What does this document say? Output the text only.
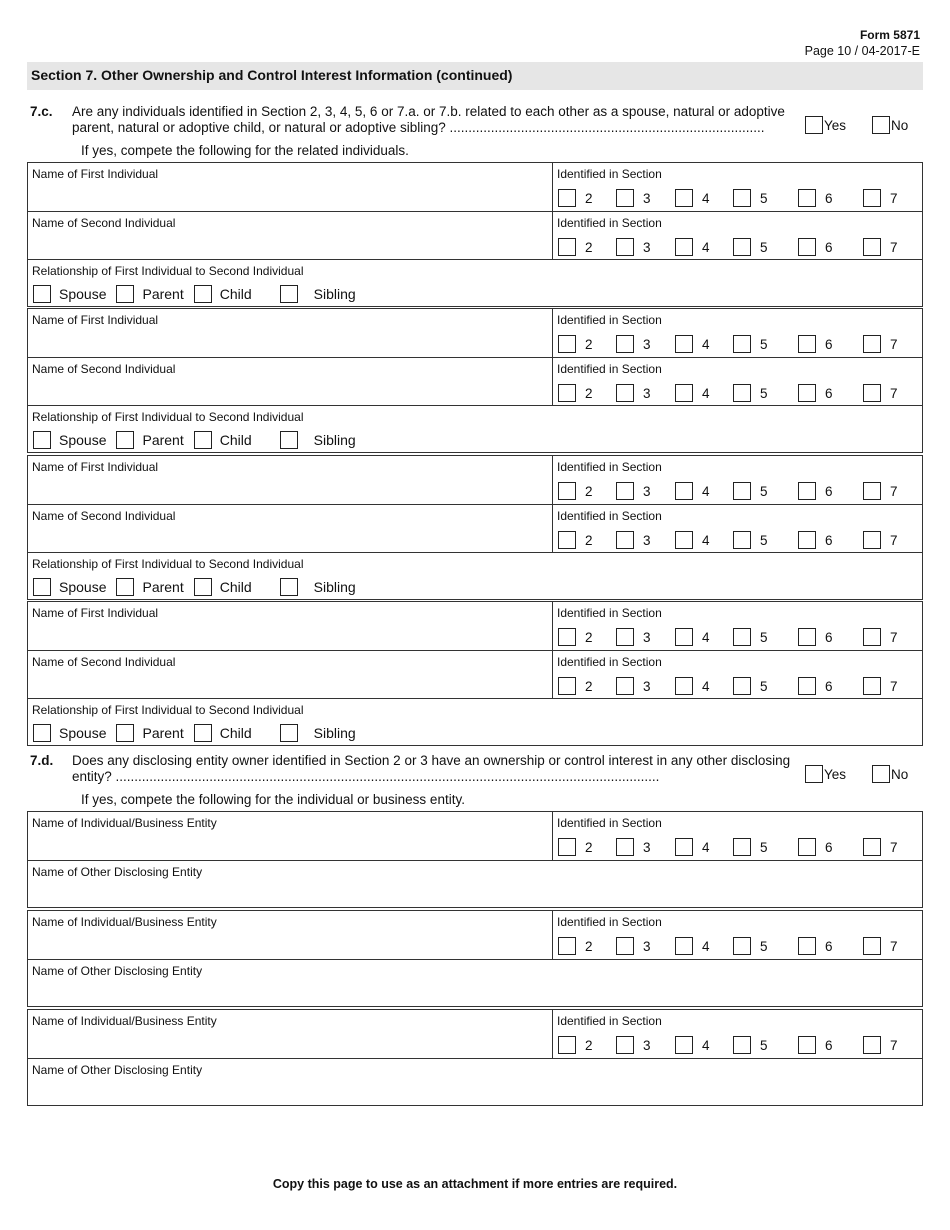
Form 5871
Page 10 / 04-2017-E
Section 7. Other Ownership and Control Interest Information (continued)
7.c. Are any individuals identified in Section 2, 3, 4, 5, 6 or 7.a. or 7.b. related to each other as a spouse, natural or adoptive parent, natural or adoptive child, or natural or adoptive sibling? ....................................................................................	Yes	No
If yes, compete the following for the related individuals.
Name of First Individual	Identified in Section
2	3	4	5	6	7
Name of Second Individual	Identified in Section
2	3	4	5	6	7
Relationship of First Individual to Second Individual
Spouse	Parent	Child	Sibling
Name of First Individual	Identified in Section
2	3	4	5	6	7
Name of Second Individual	Identified in Section
2	3	4	5	6	7
Relationship of First Individual to Second Individual
Spouse	Parent	Child	Sibling
Name of First Individual	Identified in Section
2	3	4	5	6	7
Name of Second Individual	Identified in Section
2	3	4	5	6	7
Relationship of First Individual to Second Individual
Spouse	Parent	Child	Sibling
Name of First Individual	Identified in Section
2	3	4	5	6	7
Name of Second Individual	Identified in Section
2	3	4	5	6	7
Relationship of First Individual to Second Individual
Spouse	Parent	Child	Sibling
7.d. Does any disclosing entity owner identified in Section 2 or 3 have an ownership or control interest in any other disclosing entity? .................................................................................................................................................	Yes	No
If yes, compete the following for the individual or business entity.
Name of Individual/Business Entity	Identified in Section
2	3	4	5	6	7
Name of Other Disclosing Entity
Name of Individual/Business Entity	Identified in Section
2	3	4	5	6	7
Name of Other Disclosing Entity
Name of Individual/Business Entity	Identified in Section
2	3	4	5	6	7
Name of Other Disclosing Entity
Copy this page to use as an attachment if more entries are required.
